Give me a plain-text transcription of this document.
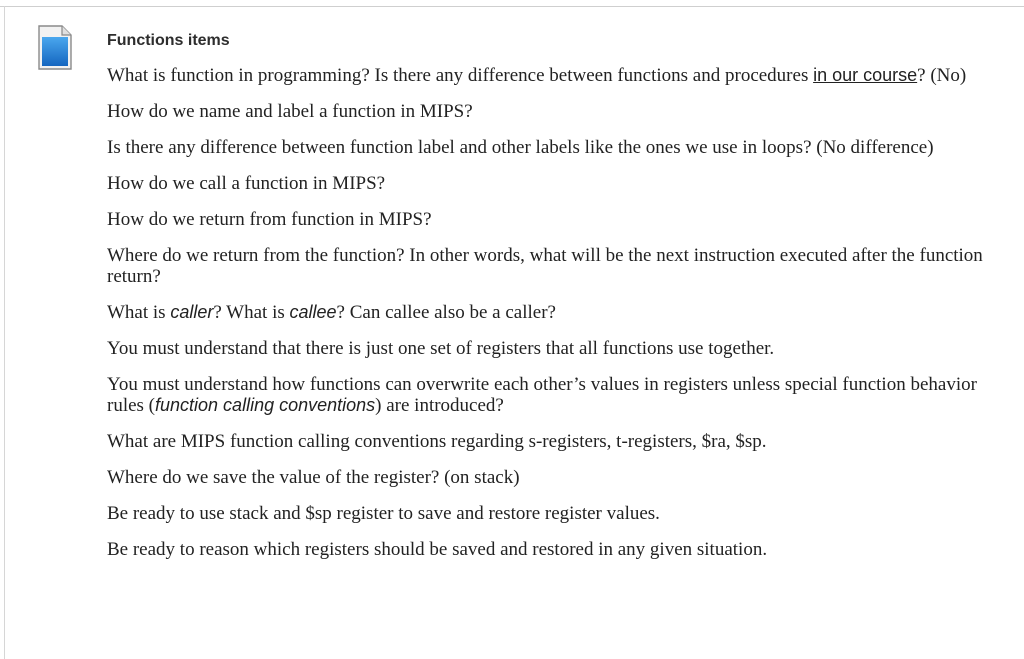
Functions items
What is function in programming? Is there any difference between functions and procedures in our course? (No)
How do we name and label a function in MIPS?
Is there any difference between function label and other labels like the ones we use in loops? (No difference)
How do we call a function in MIPS?
How do we return from function in MIPS?
Where do we return from the function? In other words, what will be the next instruction executed after the function return?
What is caller? What is callee? Can callee also be a caller?
You must understand that there is just one set of registers that all functions use together.
You must understand how functions can overwrite each other’s values in registers unless special function behavior rules (function calling conventions) are introduced?
What are MIPS function calling conventions regarding s-registers, t-registers, $ra, $sp.
Where do we save the value of the register? (on stack)
Be ready to use stack and $sp register to save and restore register values.
Be ready to reason which registers should be saved and restored in any given situation.
